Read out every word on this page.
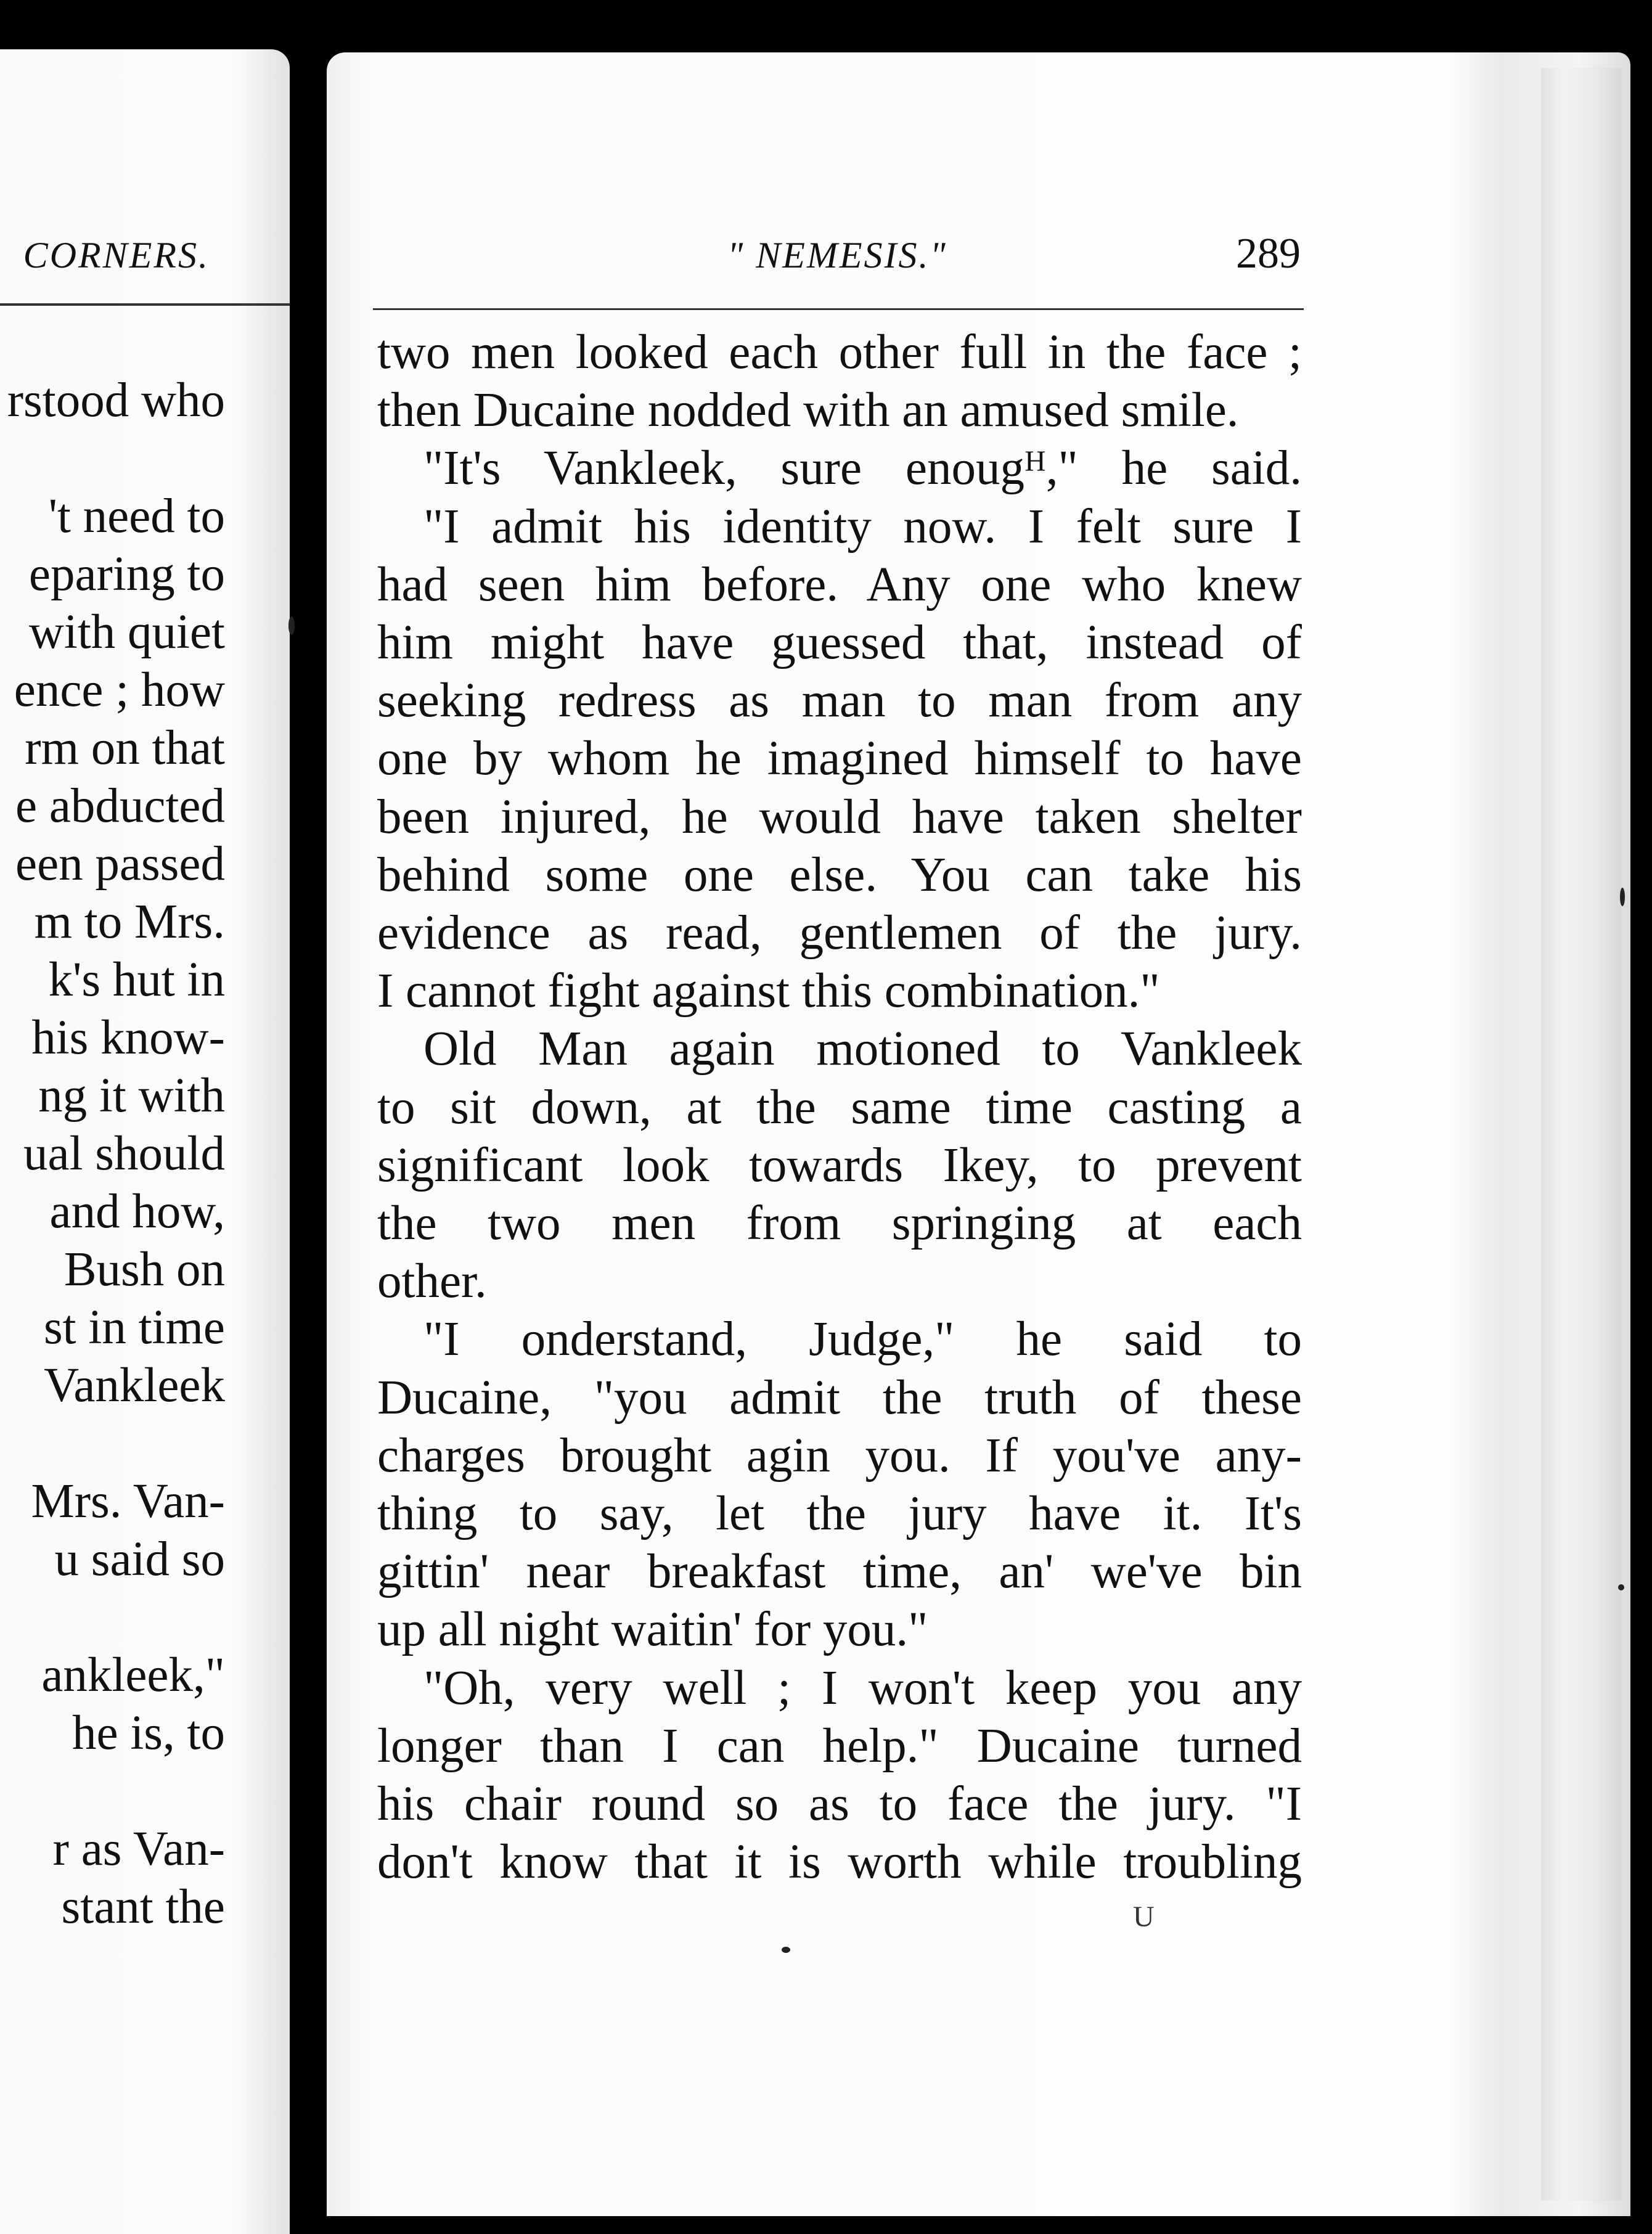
CORNERS.
rstood who
't need to
eparing to
with quiet
ence ; how
rm on that
e abducted
een passed
m to Mrs.
k's hut in
his know-
ng it with
ual should
and how,
Bush on
st in time
Vankleek
Mrs. Van-
u said so
ankleek,"
he is, to
r as Van-
stant the
" NEMESIS."	289
two men looked each other full in the face ;
then Ducaine nodded with an amused smile.
"It's Vankleek, sure enougᴴ," he said.
"I admit his identity now. I felt sure I
had seen him before. Any one who knew
him might have guessed that, instead of
seeking redress as man to man from any
one by whom he imagined himself to have
been injured, he would have taken shelter
behind some one else. You can take his
evidence as read, gentlemen of the jury.
I cannot fight against this combination."
Old Man again motioned to Vankleek
to sit down, at the same time casting a
significant look towards Ikey, to prevent
the two men from springing at each
other.
"I onderstand, Judge," he said to
Ducaine, "you admit the truth of these
charges brought agin you. If you've any-
thing to say, let the jury have it. It's
gittin' near breakfast time, an' we've bin
up all night waitin' for you."
"Oh, very well ; I won't keep you any
longer than I can help." Ducaine turned
his chair round so as to face the jury. "I
don't know that it is worth while troubling
U
